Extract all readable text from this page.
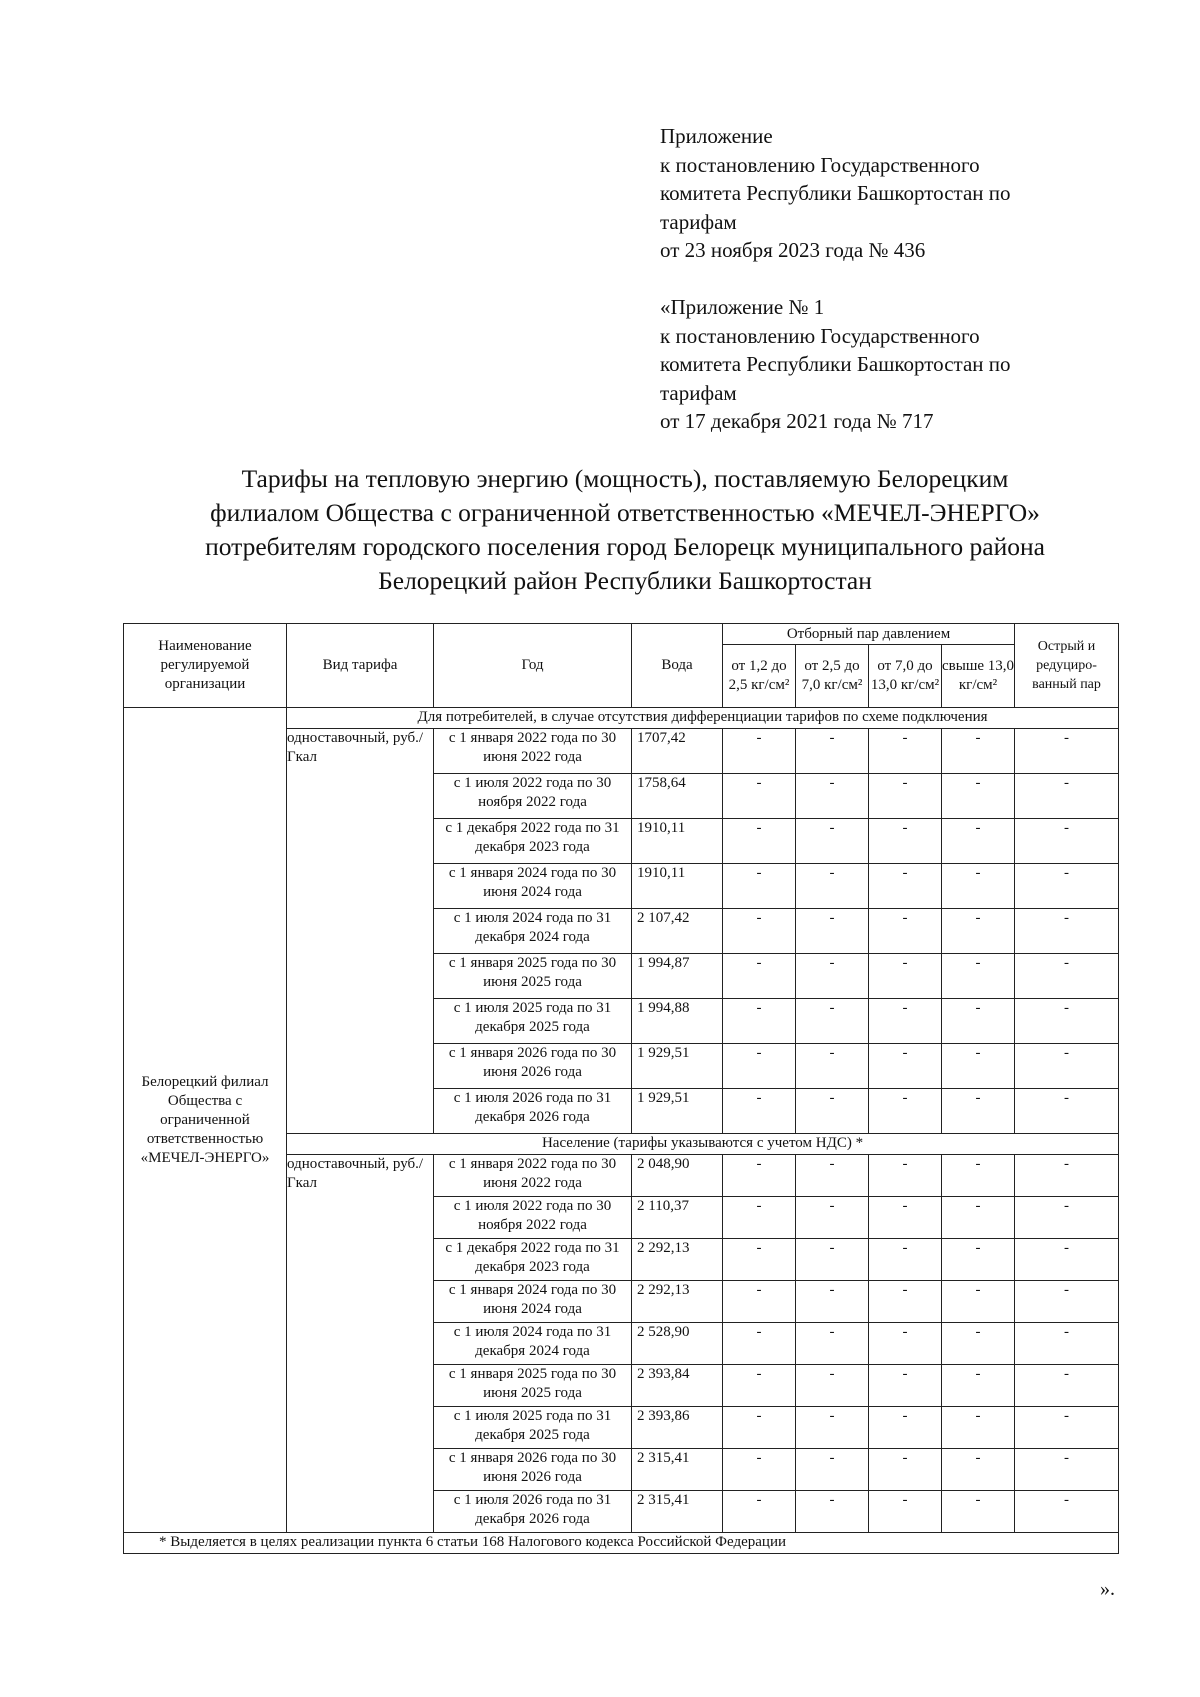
Приложение
к постановлению Государственного
комитета Республики Башкортостан по
тарифам
от 23 ноября 2023 года № 436
«Приложение № 1
к постановлению Государственного
комитета Республики Башкортостан по
тарифам
от 17 декабря 2021 года № 717
Тарифы на тепловую энергию (мощность), поставляемую Белорецким
филиалом Общества с ограниченной ответственностью «МЕЧЕЛ-ЭНЕРГО»
потребителям городского поселения город Белорецк муниципального района
Белорецкий район Республики Башкортостан
Наименование регулируемой организации	Вид тарифа	Год	Вода	Отборный пар давлением				Острый и редуциро-ванный пар
				от 1,2 до 2,5 кг/см²	от 2,5 до 7,0 кг/см²	от 7,0 до 13,0 кг/см²	свыше 13,0 кг/см²	
Белорецкий филиал Общества с ограниченной ответственностью «МЕЧЕЛ-ЭНЕРГО»	Для потребителей, в случае отсутствия дифференциации тарифов по схеме подключения							
	одноставочный, руб./Гкал	с 1 января 2022 года по 30 июня 2022 года	1707,42	-	-	-	-	-
		с 1 июля 2022 года по 30 ноября 2022 года	1758,64	-	-	-	-	-
		с 1 декабря 2022 года по 31 декабря 2023 года	1910,11	-	-	-	-	-
		с 1 января 2024 года по 30 июня 2024 года	1910,11	-	-	-	-	-
		с 1 июля 2024 года по 31 декабря 2024 года	2 107,42	-	-	-	-	-
		с 1 января 2025 года по 30 июня 2025 года	1 994,87	-	-	-	-	-
		с 1 июля 2025 года по 31 декабря 2025 года	1 994,88	-	-	-	-	-
		с 1 января 2026 года по 30 июня 2026 года	1 929,51	-	-	-	-	-
		с 1 июля 2026 года по 31 декабря 2026 года	1 929,51	-	-	-	-	-
	Население (тарифы указываются с учетом НДС) *							
	одноставочный, руб./Гкал	с 1 января 2022 года по 30 июня 2022 года	2 048,90	-	-	-	-	-
		с 1 июля 2022 года по 30 ноября 2022 года	2 110,37	-	-	-	-	-
		с 1 декабря 2022 года по 31 декабря 2023 года	2 292,13	-	-	-	-	-
		с 1 января 2024 года по 30 июня 2024 года	2 292,13	-	-	-	-	-
		с 1 июля 2024 года по 31 декабря 2024 года	2 528,90	-	-	-	-	-
		с 1 января 2025 года по 30 июня 2025 года	2 393,84	-	-	-	-	-
		с 1 июля 2025 года по 31 декабря 2025 года	2 393,86	-	-	-	-	-
		с 1 января 2026 года по 30 июня 2026 года	2 315,41	-	-	-	-	-
		с 1 июля 2026 года по 31 декабря 2026 года	2 315,41	-	-	-	-	-
* Выделяется в целях реализации пункта 6 статьи 168 Налогового кодекса Российской Федерации								
».
